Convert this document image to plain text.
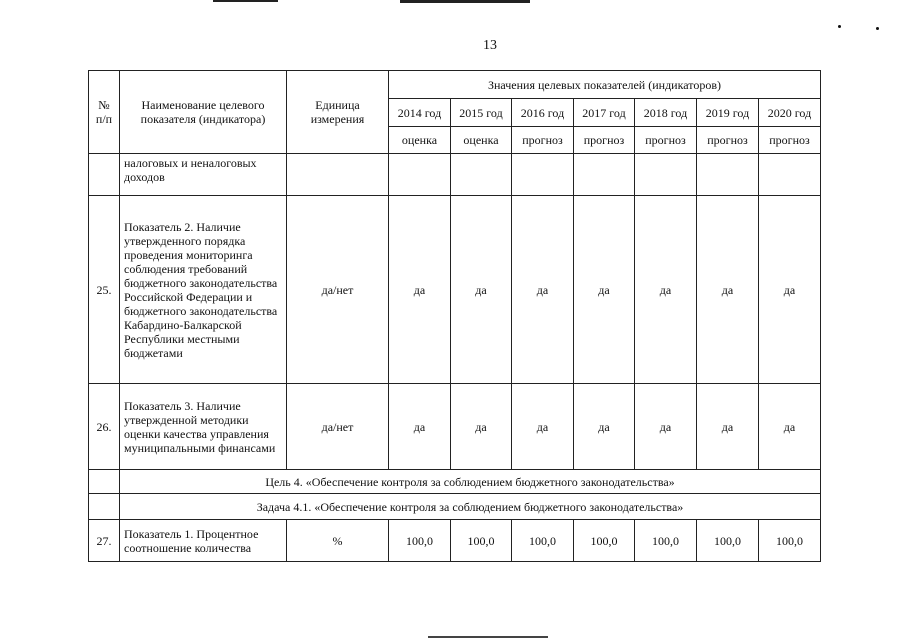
13
№ п/п	Наименование целевого показателя (индикатора)	Единица измерения	Значения целевых показателей (индикаторов)						
			2014 год	2015 год	2016 год	2017 год	2018 год	2019 год	2020 год
			оценка	оценка	прогноз	прогноз	прогноз	прогноз	прогноз
	налоговых и неналоговых доходов								
25.	Показатель 2. Наличие утвержденного порядка проведения мониторинга соблюдения требований бюджетного законодательства Российской Федерации и бюджетного законодательства Кабардино-Балкарской Республики местными бюджетами	да/нет	да	да	да	да	да	да	да
26.	Показатель 3. Наличие утвержденной методики оценки качества управления муниципальными финансами	да/нет	да	да	да	да	да	да	да
	Цель 4. «Обеспечение контроля за соблюдением бюджетного законодательства»								
	Задача 4.1. «Обеспечение контроля за соблюдением бюджетного законодательства»								
27.	Показатель 1. Процентное соотношение количества	%	100,0	100,0	100,0	100,0	100,0	100,0	100,0
